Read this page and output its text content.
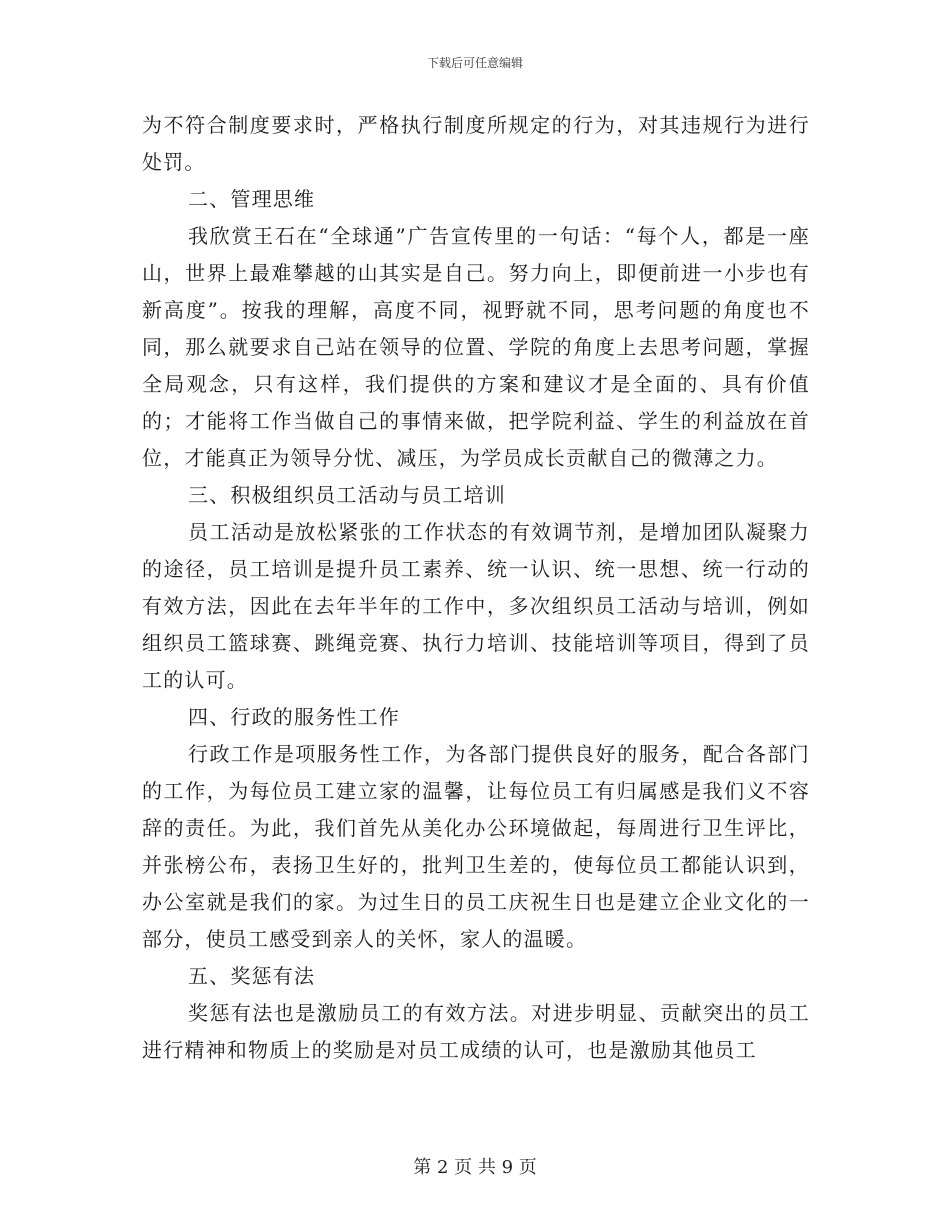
下载后可任意编辑

为不符合制度要求时，严格执行制度所规定的行为，对其违规行为进行处罚。

二、管理思维

我欣赏王石在“全球通”广告宣传里的一句话：“每个人，都是一座山，世界上最难攀越的山其实是自己。努力向上，即便前进一小步也有新高度”。按我的理解，高度不同，视野就不同，思考问题的角度也不同，那么就要求自己站在领导的位置、学院的角度上去思考问题，掌握全局观念，只有这样，我们提供的方案和建议才是全面的、具有价值的；才能将工作当做自己的事情来做，把学院利益、学生的利益放在首位，才能真正为领导分忧、减压，为学员成长贡献自己的微薄之力。

三、积极组织员工活动与员工培训

员工活动是放松紧张的工作状态的有效调节剂，是增加团队凝聚力的途径，员工培训是提升员工素养、统一认识、统一思想、统一行动的有效方法，因此在去年半年的工作中，多次组织员工活动与培训，例如组织员工篮球赛、跳绳竞赛、执行力培训、技能培训等项目，得到了员工的认可。

四、行政的服务性工作

行政工作是项服务性工作，为各部门提供良好的服务，配合各部门的工作，为每位员工建立家的温馨，让每位员工有归属感是我们义不容辞的责任。为此，我们首先从美化办公环境做起，每周进行卫生评比，并张榜公布，表扬卫生好的，批判卫生差的，使每位员工都能认识到，办公室就是我们的家。为过生日的员工庆祝生日也是建立企业文化的一部分，使员工感受到亲人的关怀，家人的温暖。

五、奖惩有法

奖惩有法也是激励员工的有效方法。对进步明显、贡献突出的员工进行精神和物质上的奖励是对员工成绩的认可，也是激励其他员工

第 2 页 共 9 页
